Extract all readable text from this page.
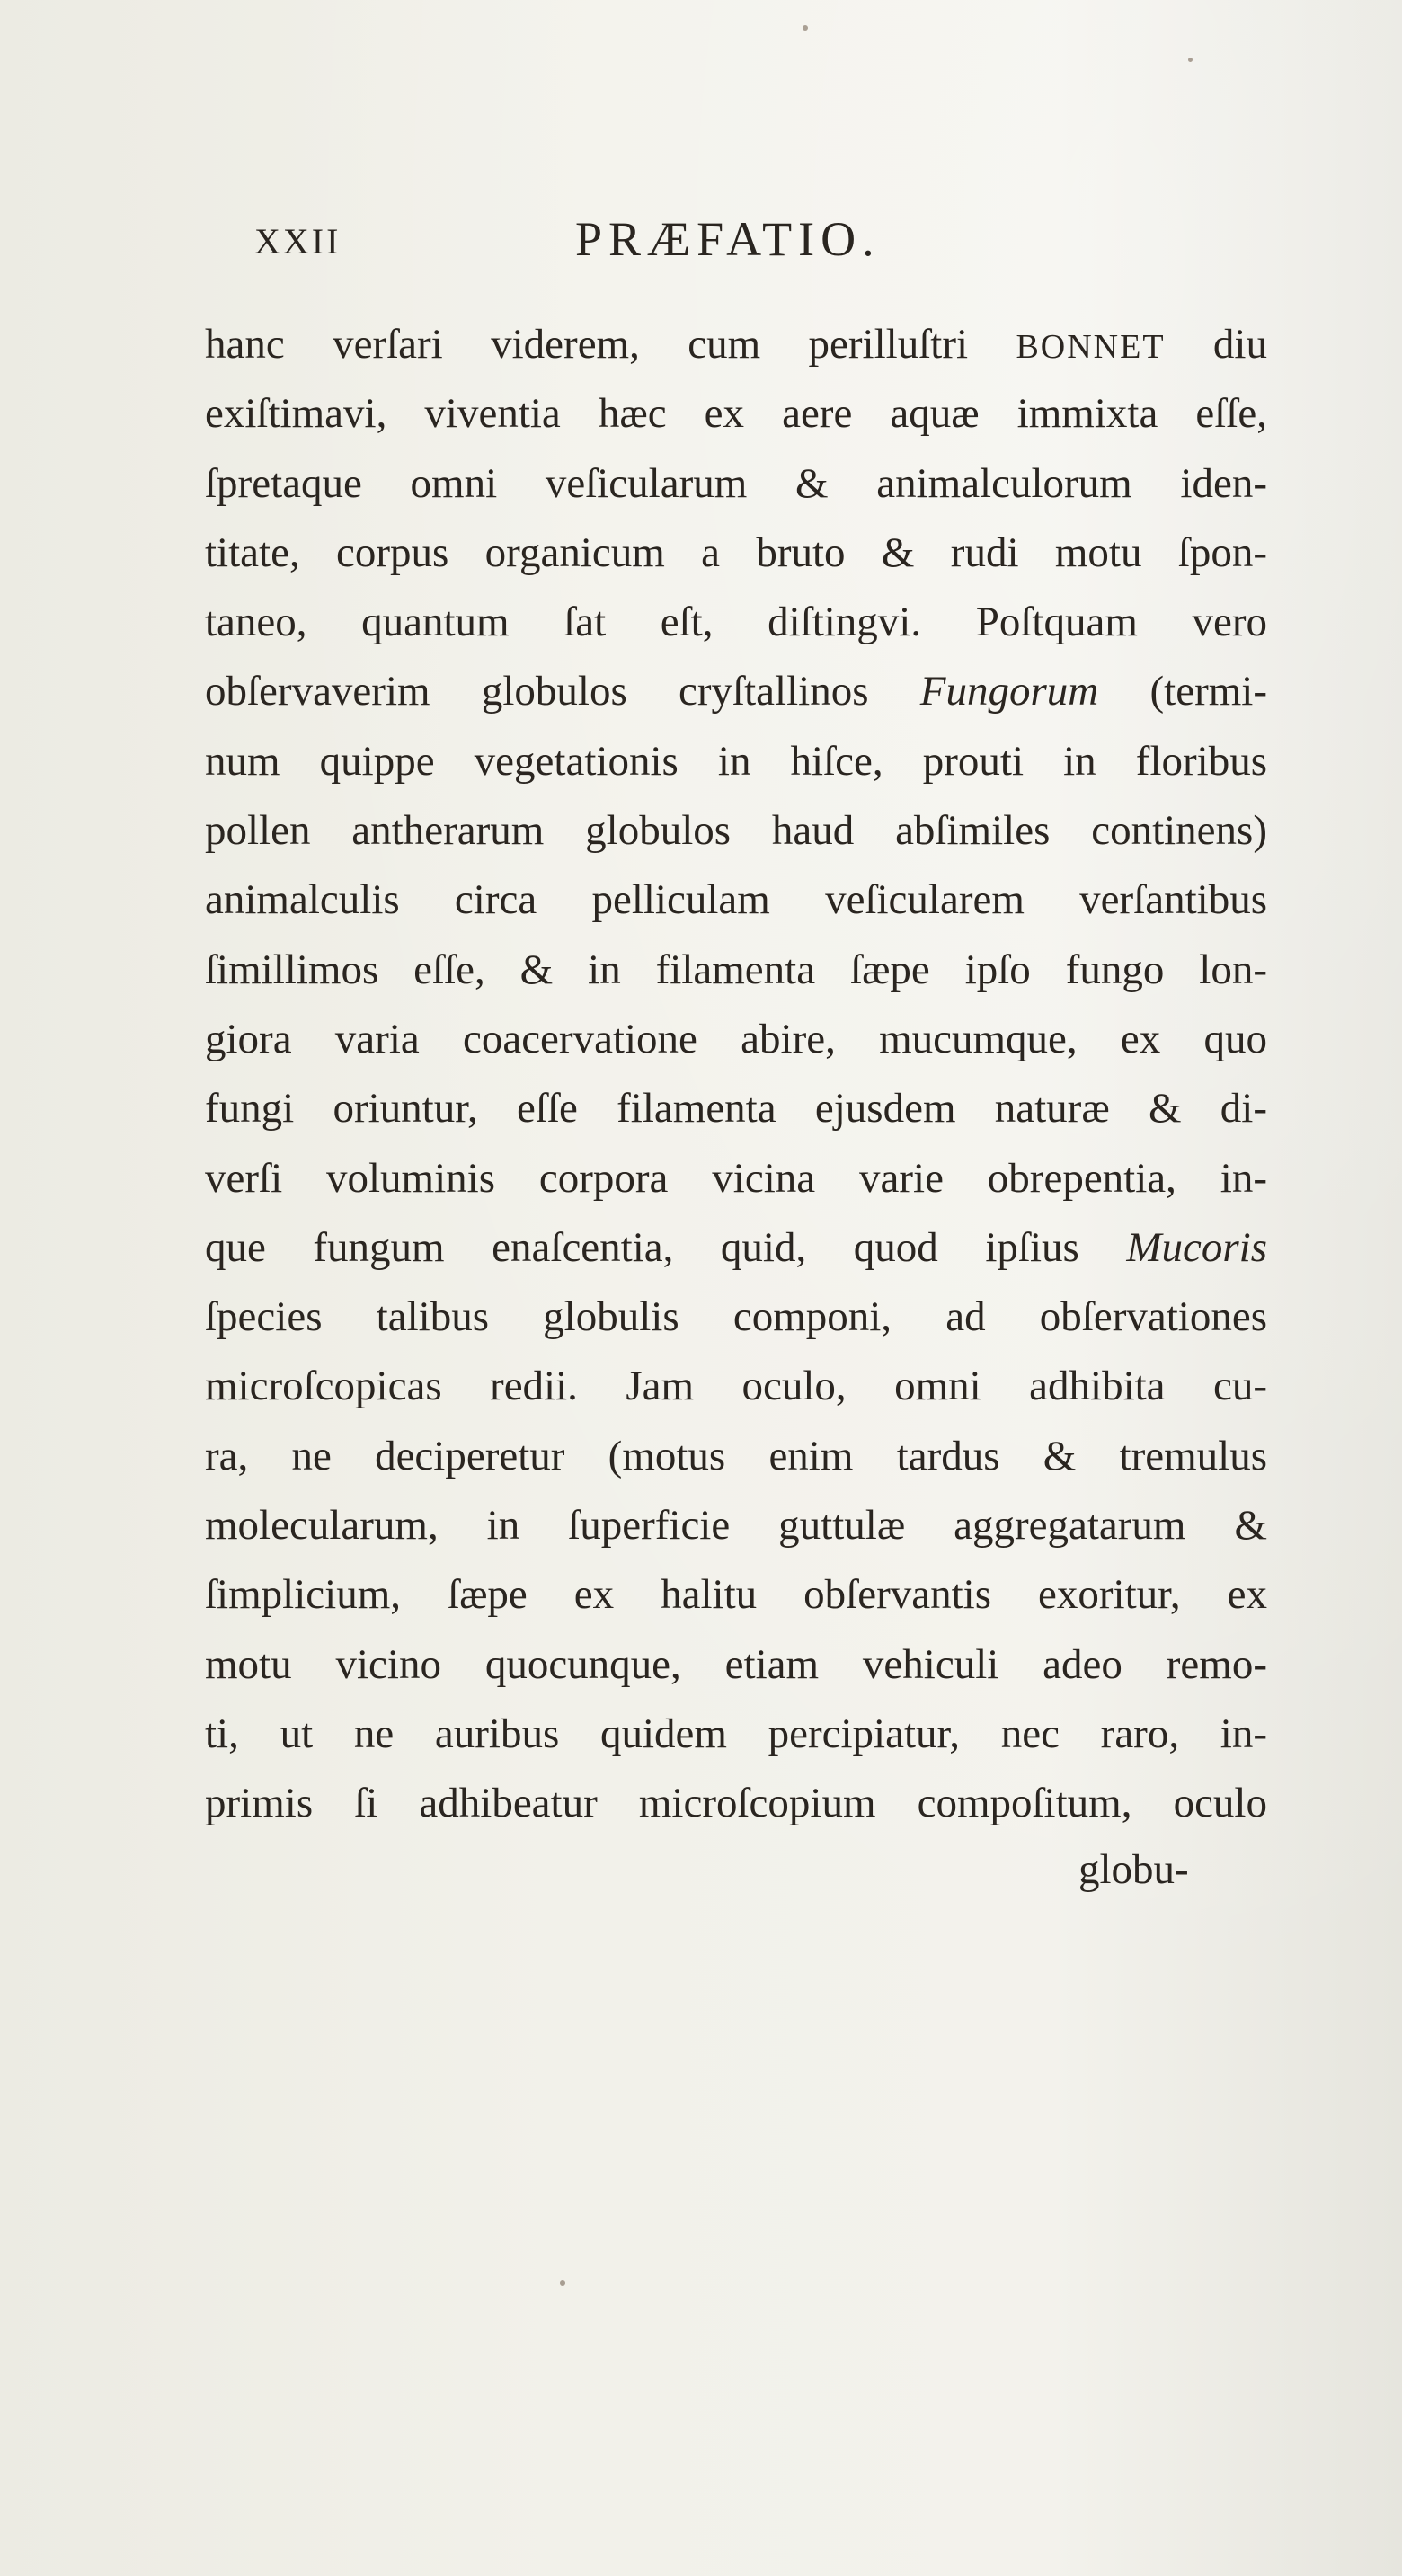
XXII	PRÆFATIO.
hanc verſari viderem, cum perilluſtri BONNET diu
exiſtimavi, viventia hæc ex aere aquæ immixta eſſe,
ſpretaque omni veſicularum & animalculorum iden-
titate, corpus organicum a bruto & rudi motu ſpon-
taneo, quantum ſat eſt, diſtingvi. Poſtquam vero
obſervaverim globulos cryſtallinos Fungorum (termi-
num quippe vegetationis in hiſce, prouti in floribus
pollen antherarum globulos haud abſimiles continens)
animalculis circa pelliculam veſicularem verſantibus
ſimillimos eſſe, & in filamenta ſæpe ipſo fungo lon-
giora varia coacervatione abire, mucumque, ex quo
fungi oriuntur, eſſe filamenta ejusdem naturæ & di-
verſi voluminis corpora vicina varie obrepentia, in-
que fungum enaſcentia, quid, quod ipſius Mucoris
ſpecies talibus globulis componi, ad obſervationes
microſcopicas redii. Jam oculo, omni adhibita cu-
ra, ne deciperetur (motus enim tardus & tremulus
molecularum, in ſuperficie guttulæ aggregatarum &
ſimplicium, ſæpe ex halitu obſervantis exoritur, ex
motu vicino quocunque, etiam vehiculi adeo remo-
ti, ut ne auribus quidem percipiatur, nec raro, in-
primis ſi adhibeatur microſcopium compoſitum, oculo
globu-
